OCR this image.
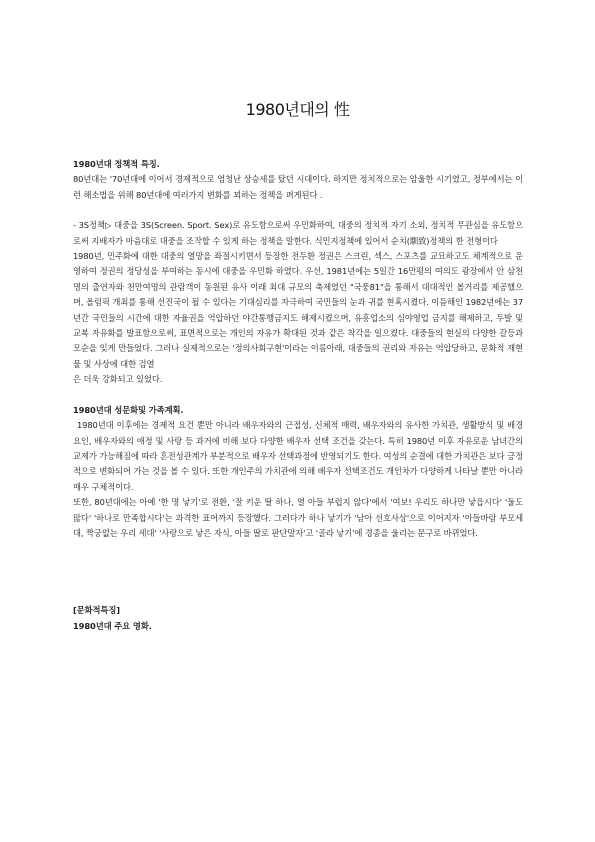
1980년대의 性

1980년대 정책적 특징.

80년대는 '70년대에 이어서 경제적으로 엄청난 상승세를 탔던 시대이다. 하지만 정치적으로는 암울한 시기였고, 정부에서는 이런 해소법을 위해 80년대에 여러가지 변화를 꾀하는 정책을 펴게된다 .

- 3S정책▷ 대중을 3S(Screen. Sport. Sex)로 유도함으로써 우민화하여, 대중의 정치적 자기 소외, 정치적 무관심을 유도함으로써 지배자가 마음대로 대중을 조작할 수 있게 하는 정책을 말한다. 식민지정책에 있어서 순치(馴致)정책의 한 전형이다

1980년, 민주화에 대한 대중의 열망을 좌절시키면서 등장한 전두환 정권은 스크린, 섹스, 스포츠를 교묘하고도 체계적으로 운영하여 정권의 정당성을 부여하는 동시에 대중을 우민화 하였다. 우선, 1981년에는 5일간 16만평의 여의도 광장에서 안 삼천명의 출연자와 천만여명의 관람객이 동원된 유사 이래 최대 규모의 축제였던 "국풍81"을 통해서 대대적인 볼거리를 제공했으며, 올림픽 개최를 통해 선진국이 될 수 있다는 기대심리를 자극하여 국민들의 눈과 귀를 현혹시켰다. 이듬해인 1982년에는 37년간 국민들의 시간에 대한 자율권을 억압하던 야간통행금지도 해제시켰으며, 유흥업소의 심야영업 금지를 해제하고, 두발 및 교복 자유화를 발표함으로써, 표면적으로는 개인의 자유가 확대된 것과 같은 착각을 일으켰다. 대중들의 현실의 다양한 갈등과 모순을 잊게 만들었다. 그러나 실제적으로는 '정의사회구현'이라는 이름아래, 대중들의 권리와 자유는 억압당하고, 문화적 재현물 및 사상에 대한 검열

은 더욱 강화되고 있었다.

1980년대 성문화및 가족계획.

1980년대 이후에는 경제적 요건 뿐만 아니라 배우자와의 근접성, 신체적 매력, 배우자와의 유사한 가치관, 생활방식 및 배경요인, 배우자와의 애정 및 사랑 등 과거에 비해 보다 다양한 배우자 선택 조건을 갖는다. 특히 1980년 이후 자유로운 남녀간의 교제가 가능해짐에 따라 혼전성관계가 부분적으로 배우자 선택과정에 반영되기도 한다. 여성의 순결에 대한 가치관은 보다 긍정적으로 변화되어 가는 것을 볼 수 있다. 또한 개인주의 가치관에 의해 배우자 선택조건도 개인차가 다양하게 나타날 뿐만 아니라 매우 구체적이다.

또한, 80년대에는 아예 '한 명 낳기'로 전환, '잘 키운 딸 하나, 열 아들 부럽지 않다'에서 '여보! 우리도 하나만 낳읍시다' '둘도 많다' '하나로 만족합시다'는 과격한 표어까지 등장했다. 그러다가 하나 낳기가 '남아 선호사상'으로 이어지자 '아들바람 부모세대, 짝궁없는 우리 세대' '사랑으로 낳은 자식, 아들 딸로 판단말자'고 '골라 낳기'에 경종을 울리는 문구로 바뀌었다.

[문화적특징]

1980년대 주요 영화.
